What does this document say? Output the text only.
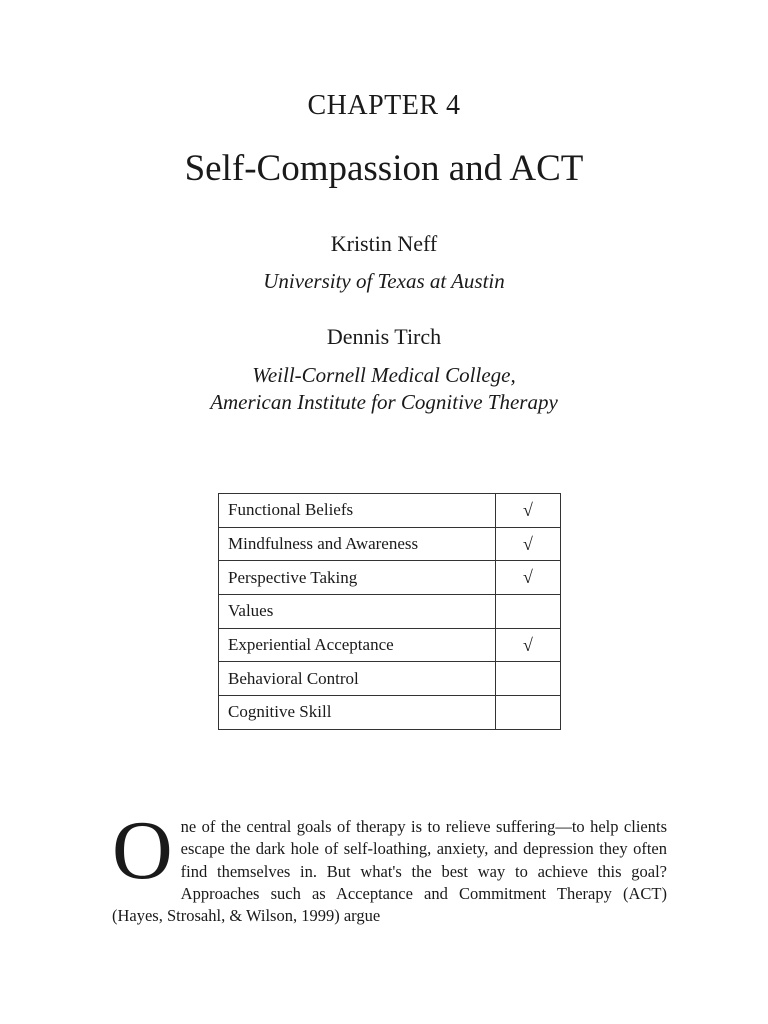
CHAPTER 4
Self-Compassion and ACT
Kristin Neff
University of Texas at Austin
Dennis Tirch
Weill-Cornell Medical College,
American Institute for Cognitive Therapy
Functional Beliefs	√
Mindfulness and Awareness	√
Perspective Taking	√
Values	
Experiential Acceptance	√
Behavioral Control	
Cognitive Skill	

One of the central goals of therapy is to relieve suffering—to help clients escape the dark hole of self-loathing, anxiety, and depression they often find themselves in. But what's the best way to achieve this goal? Approaches such as Acceptance and Commitment Therapy (ACT) (Hayes, Strosahl, & Wilson, 1999) argue
